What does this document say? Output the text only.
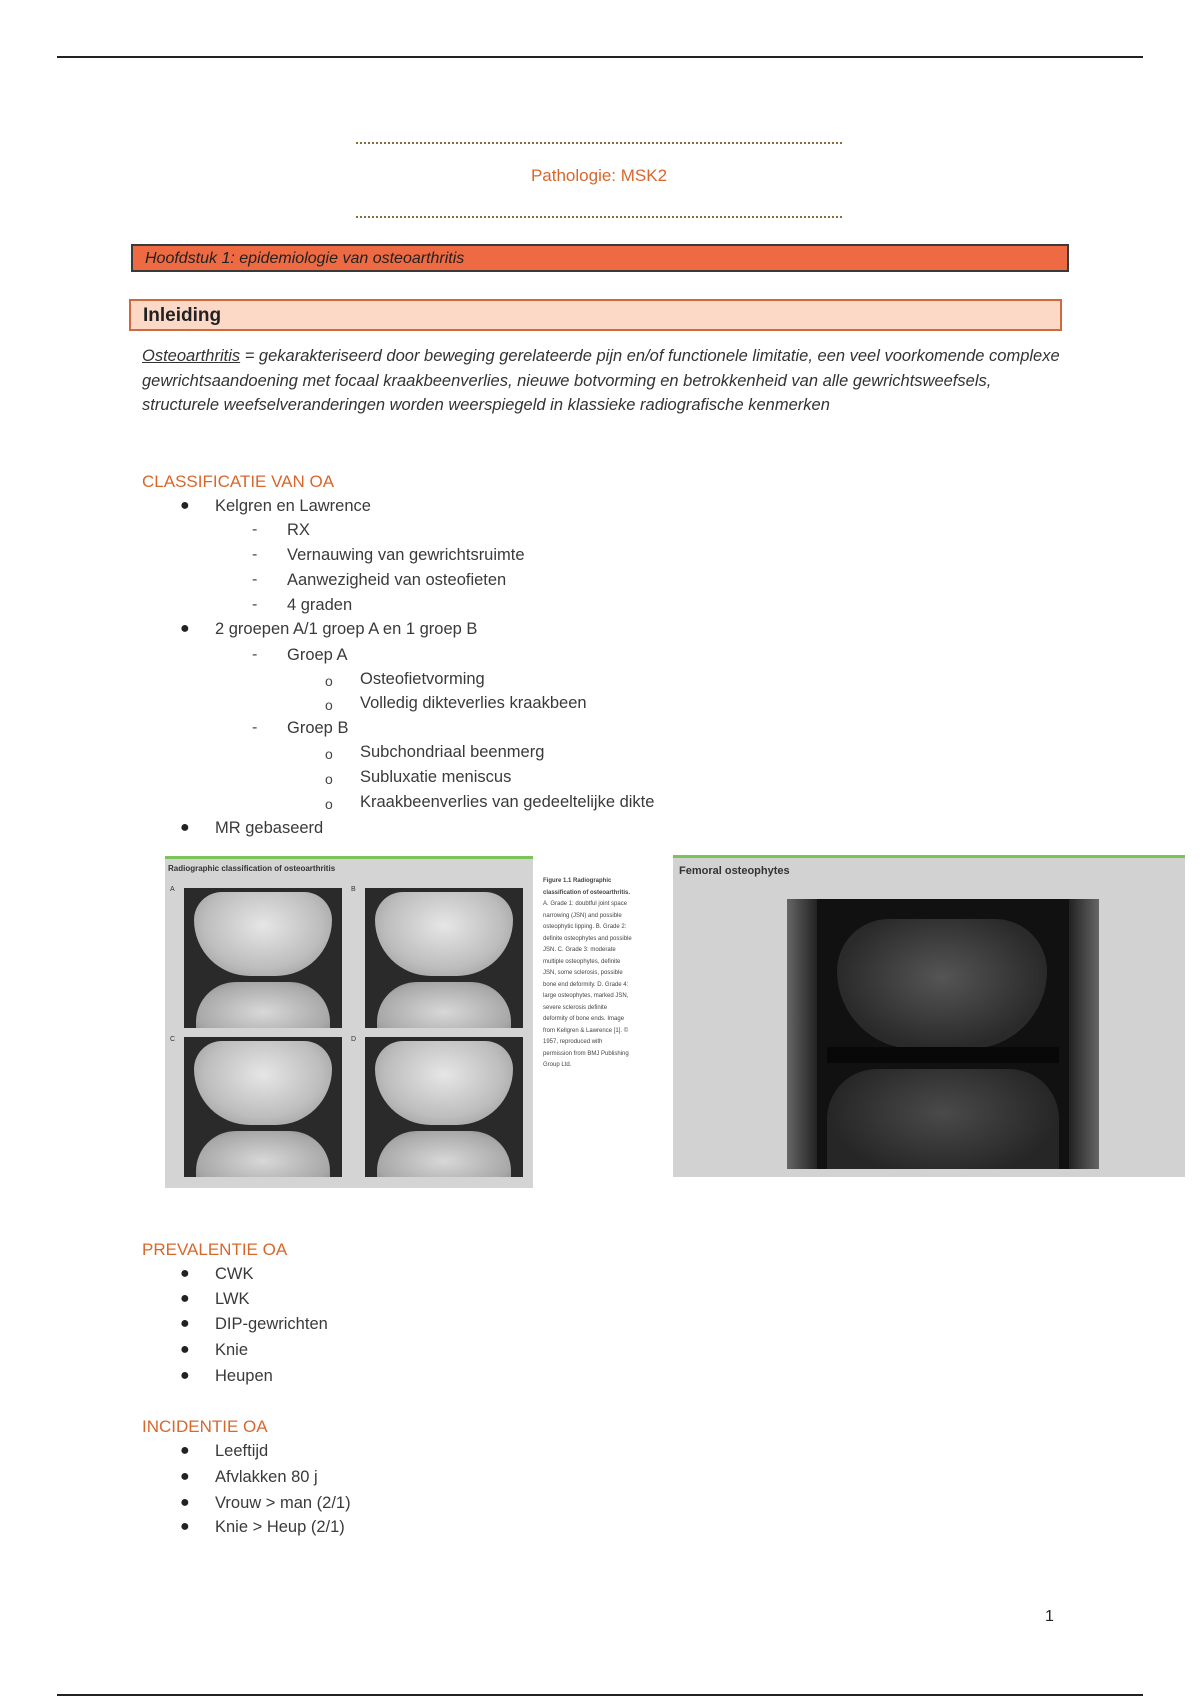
Pathologie: MSK2
Hoofdstuk 1: epidemiologie van osteoarthritis
Inleiding
Osteoarthritis = gekarakteriseerd door beweging gerelateerde pijn en/of functionele limitatie, een veel voorkomende complexe gewrichtsaandoening met focaal kraakbeenverlies, nieuwe botvorming en betrokkenheid van alle gewrichtsweefsels, structurele weefselveranderingen worden weerspiegeld in klassieke radiografische kenmerken
CLASSIFICATIE VAN OA
● Kelgren en Lawrence
- RX
- Vernauwing van gewrichtsruimte
- Aanwezigheid van osteofieten
- 4 graden
● 2 groepen A/1 groep A en 1 groep B
- Groep A
o Osteofietvorming
o Volledig dikteverlies kraakbeen
- Groep B
o Subchondriaal beenmerg
o Subluxatie meniscus
o Kraakbeenverlies van gedeeltelijke dikte
● MR gebaseerd
Radiographic classification of osteoarthritis
A	B
C	D
Figure 1.1 Radiographic classification of osteoarthritis. A. Grade 1: doubtful joint space narrowing (JSN) and possible osteophytic lipping. B. Grade 2: definite osteophytes and possible JSN. C. Grade 3: moderate multiple osteophytes, definite JSN, some sclerosis, possible bone end deformity. D. Grade 4: large osteophytes, marked JSN, severe sclerosis definite deformity of bone ends. Image from Kellgren & Lawrence [1]. © 1957, reproduced with permission from BMJ Publishing Group Ltd.
Femoral osteophytes
PREVALENTIE OA
● CWK
● LWK
● DIP-gewrichten
● Knie
● Heupen
INCIDENTIE OA
● Leeftijd
● Afvlakken 80 j
● Vrouw > man (2/1)
● Knie > Heup (2/1)
1
